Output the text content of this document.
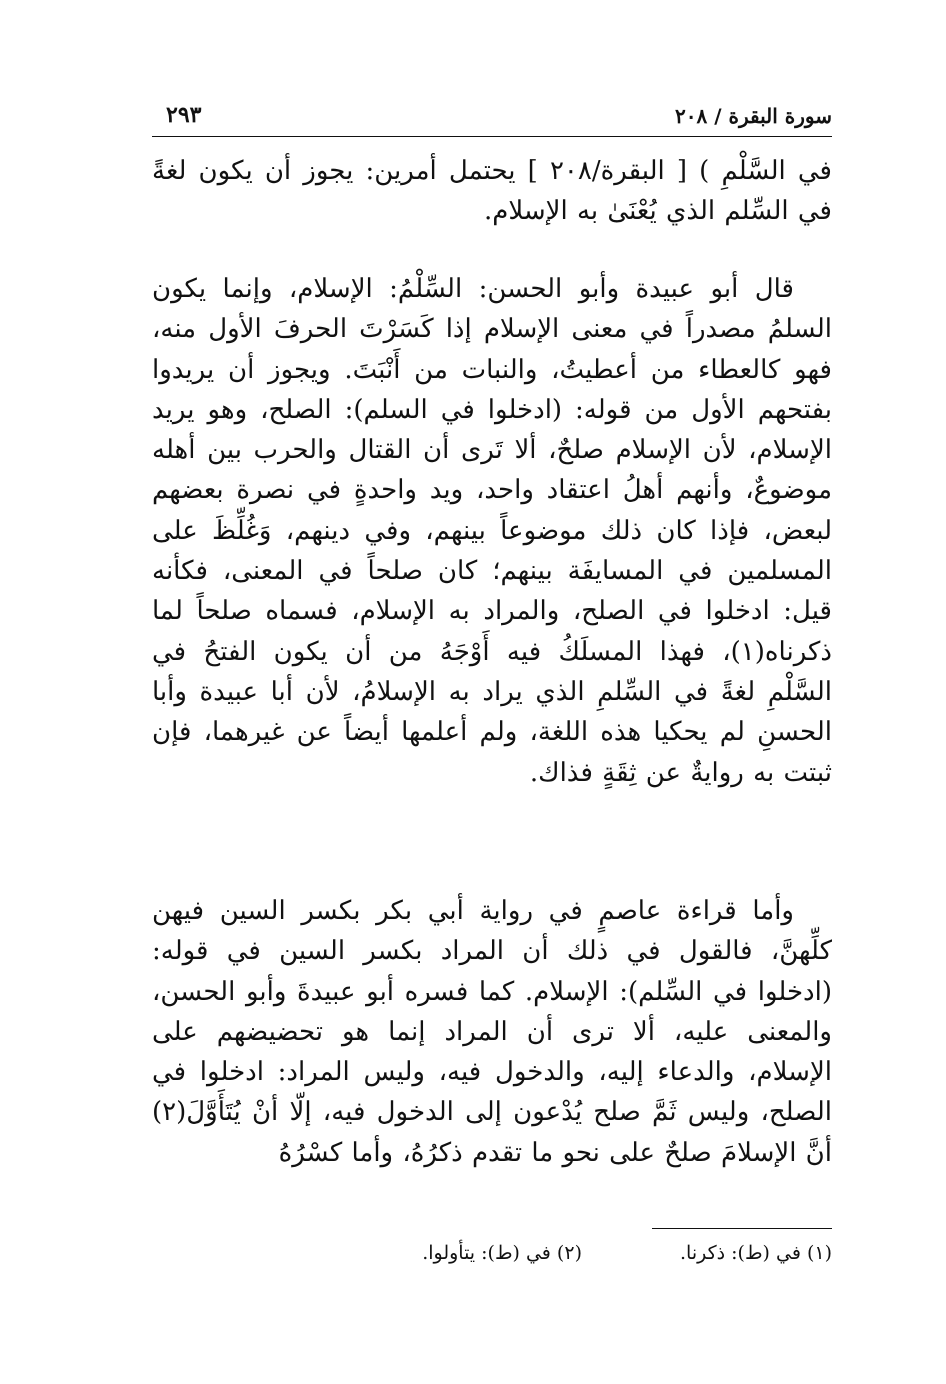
سورة البقرة / ٢٠٨
٢٩٣

في السَّلْمِ ) [ البقرة/٢٠٨ ] يحتمل أمرين: يجوز أن يكون لغةً في السِّلم الذي يُعْنَىٰ به الإسلام.

قال أبو عبيدة وأبو الحسن: السِّلْمُ: الإسلام، وإنما يكون السلمُ مصدراً في معنى الإسلام إذا كَسَرْتَ الحرفَ الأول منه، فهو كالعطاء من أعطيتُ، والنبات من أَنْبَتَ. ويجوز أن يريدوا بفتحهم الأول من قوله: (ادخلوا في السلم): الصلح، وهو يريد الإسلام، لأن الإسلام صلحٌ، ألا تَرى أن القتال والحرب بين أهله موضوعٌ، وأنهم أهلُ اعتقاد واحد، ويد واحدةٍ في نصرة بعضهم لبعض، فإذا كان ذلك موضوعاً بينهم، وفي دينهم، وَغُلِّظَ على المسلمين في المسايفَة بينهم؛ كان صلحاً في المعنى، فكأنه قيل: ادخلوا في الصلح، والمراد به الإسلام، فسماه صلحاً لما ذكرناه(١)، فهذا المسلَكُ فيه أَوْجَهُ من أن يكون الفتحُ في السَّلْمِ لغةً في السِّلمِ الذي يراد به الإسلامُ، لأن أبا عبيدة وأبا الحسنِ لم يحكيا هذه اللغة، ولم أعلمها أيضاً عن غيرهما، فإن ثبتت به روايةٌ عن ثِقَةٍ فذاك.

وأما قراءة عاصمٍ في رواية أبي بكر بكسر السين فيهن كلِّهنَّ، فالقول في ذلك أن المراد بكسر السين في قوله: (ادخلوا في السِّلم): الإسلام. كما فسره أبو عبيدةَ وأبو الحسن، والمعنى عليه، ألا ترى أن المراد إنما هو تحضيضهم على الإسلام، والدعاء إليه، والدخول فيه، وليس المراد: ادخلوا في الصلح، وليس ثَمَّ صلح يُدْعون إلى الدخول فيه، إلّا أنْ يُتَأَوَّلَ(٢) أنَّ الإسلامَ صلحٌ على نحو ما تقدم ذكرُهُ، وأما كسْرُهُ

(١) في (ط): ذكرنا.
(٢) في (ط): يتأولوا.
